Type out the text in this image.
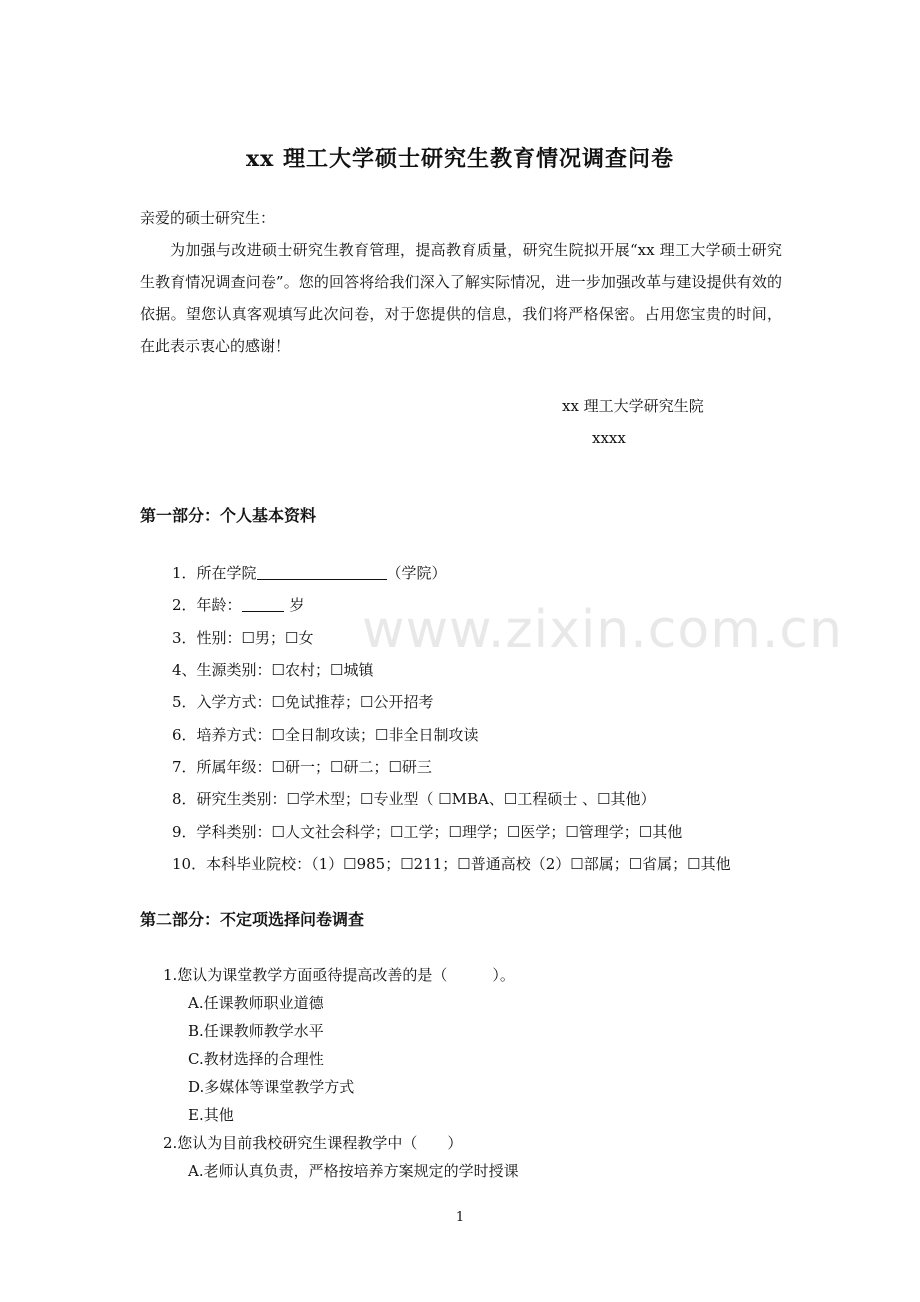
xx 理工大学硕士研究生教育情况调查问卷
亲爱的硕士研究生：
为加强与改进硕士研究生教育管理，提高教育质量，研究生院拟开展“xx 理工大学硕士研究生教育情况调查问卷”。您的回答将给我们深入了解实际情况，进一步加强改革与建设提供有效的依据。望您认真客观填写此次问卷，对于您提供的信息，我们将严格保密。占用您宝贵的时间，在此表示衷心的感谢！
xx 理工大学研究生院
xxxx
第一部分：个人基本资料
1．所在学院	（学院）
2．年龄：	岁
3．性别：☐男；☐女
4、生源类别：☐农村；☐城镇
5．入学方式：☐免试推荐；☐公开招考
6．培养方式：☐全日制攻读；☐非全日制攻读
7．所属年级：☐研一；☐研二；☐研三
8．研究生类别：☐学术型；☐专业型（ ☐MBA、☐工程硕士 、☐其他）
9．学科类别：☐人文社会科学；☐工学；☐理学；☐医学；☐管理学；☐其他
10．本科毕业院校：（1）☐985；☐211；☐普通高校（2）☐部属；☐省属；☐其他
第二部分：不定项选择问卷调查
1.您认为课堂教学方面亟待提高改善的是（　　　）。
A.任课教师职业道德
B.任课教师教学水平
C.教材选择的合理性
D.多媒体等课堂教学方式
E.其他
2.您认为目前我校研究生课程教学中（　　）
A.老师认真负责，严格按培养方案规定的学时授课
www.zixin.com.cn
1
